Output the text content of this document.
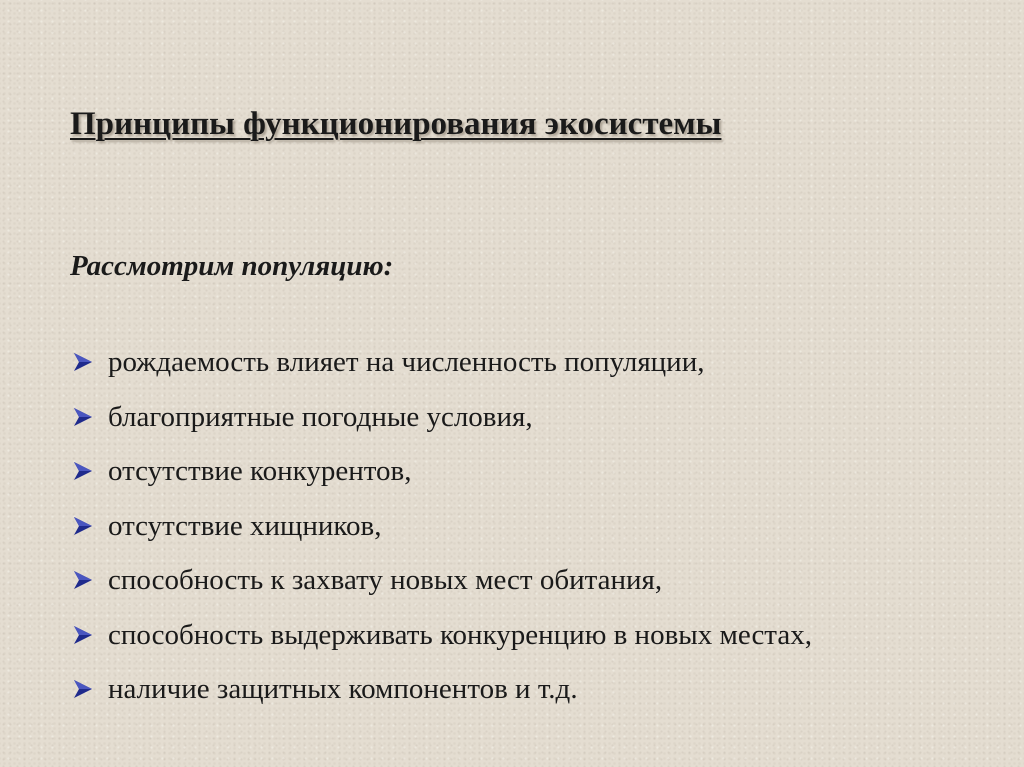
Принципы функционирования экосистемы

Рассмотрим популяцию:

рождаемость влияет на численность популяции,
благоприятные погодные условия,
отсутствие конкурентов,
отсутствие хищников,
способность к захвату новых мест обитания,
способность выдерживать конкуренцию в новых местах,
наличие защитных компонентов и т.д.
